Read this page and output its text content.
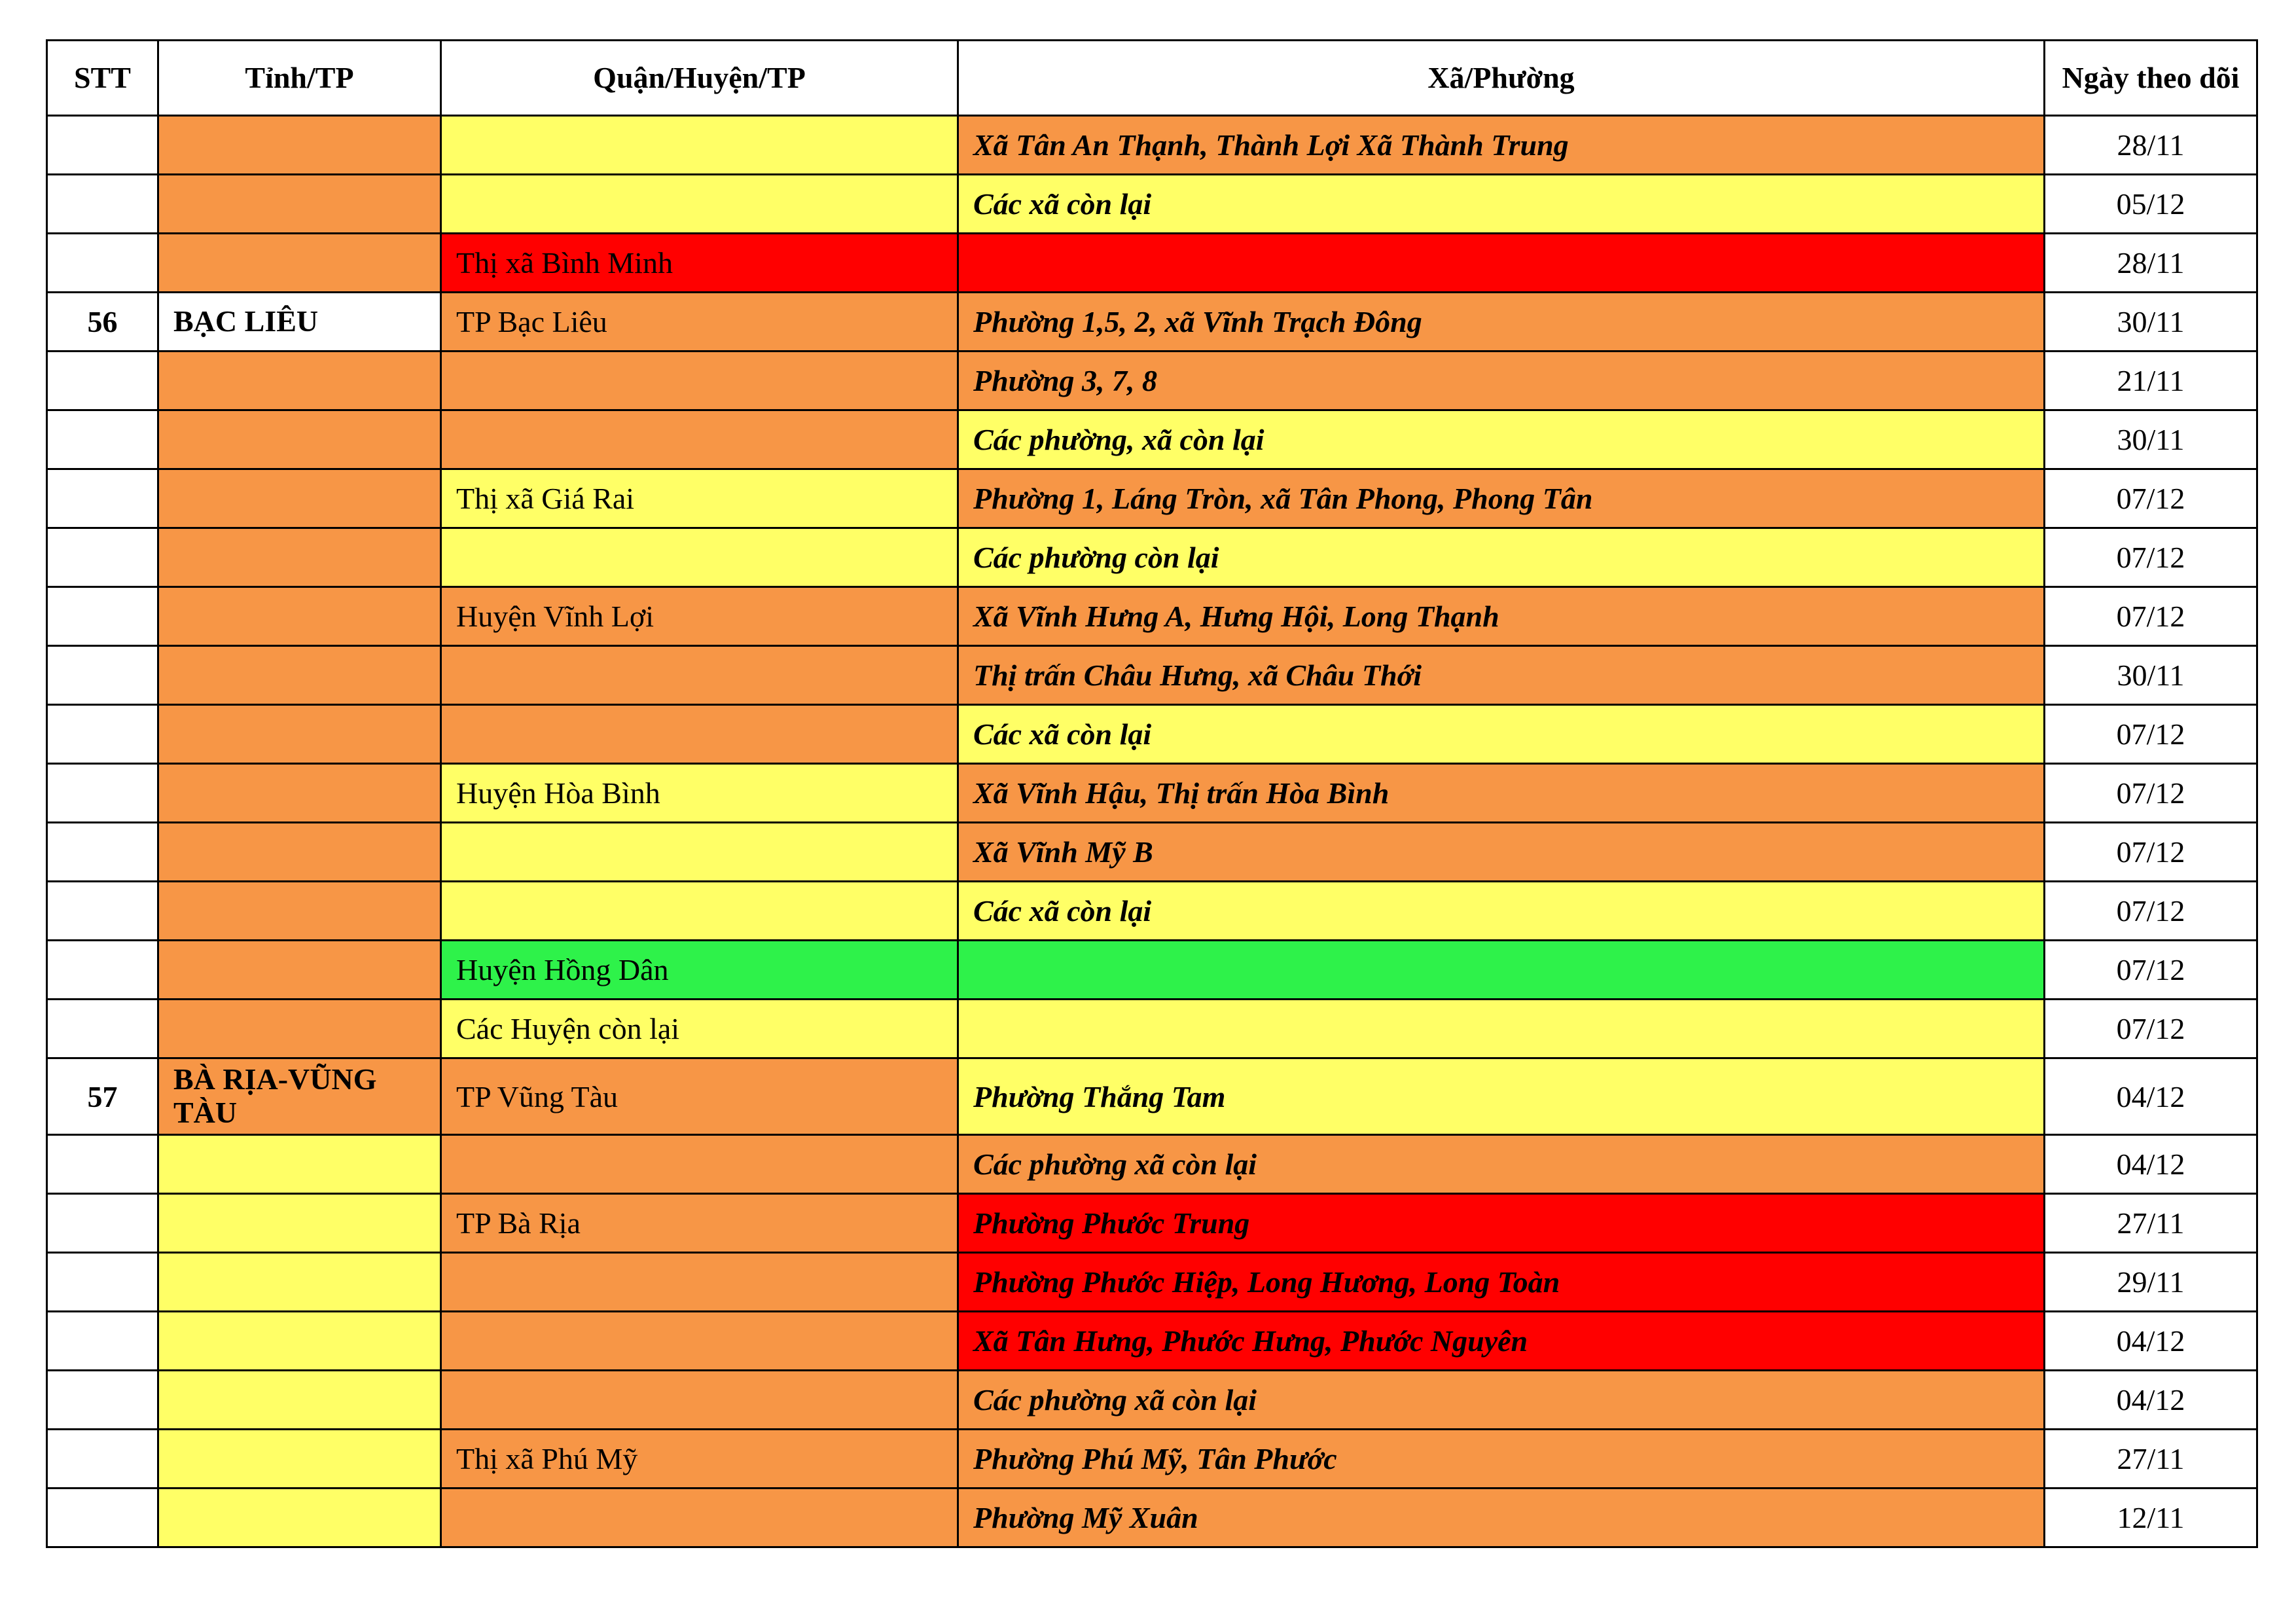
STT	Tỉnh/TP	Quận/Huyện/TP	Xã/Phường	Ngày theo dõi
			Xã Tân An Thạnh, Thành Lợi Xã Thành Trung	28/11
			Các xã còn lại	05/12
		Thị xã Bình Minh		28/11
56	BẠC LIÊU	TP Bạc Liêu	Phường 1,5, 2, xã Vĩnh Trạch Đông	30/11
			Phường 3, 7, 8	21/11
			Các phường, xã còn lại	30/11
		Thị xã Giá Rai	Phường 1, Láng Tròn, xã Tân Phong, Phong Tân	07/12
			Các phường còn lại	07/12
		Huyện Vĩnh Lợi	Xã Vĩnh Hưng A, Hưng Hội, Long Thạnh	07/12
			Thị trấn Châu Hưng, xã Châu Thới	30/11
			Các xã còn lại	07/12
		Huyện Hòa Bình	Xã Vĩnh Hậu, Thị trấn Hòa Bình	07/12
			Xã Vĩnh Mỹ B	07/12
			Các xã còn lại	07/12
		Huyện Hồng Dân		07/12
		Các Huyện còn lại		07/12
57	BÀ RỊA-VŨNG TÀU	TP Vũng Tàu	Phường Thắng Tam	04/12
			Các phường xã còn lại	04/12
		TP Bà Rịa	Phường Phước Trung	27/11
			Phường Phước Hiệp, Long Hương, Long Toàn	29/11
			Xã Tân Hưng, Phước Hưng, Phước Nguyên	04/12
			Các phường xã còn lại	04/12
		Thị xã Phú Mỹ	Phường Phú Mỹ, Tân Phước	27/11
			Phường Mỹ Xuân	12/11
